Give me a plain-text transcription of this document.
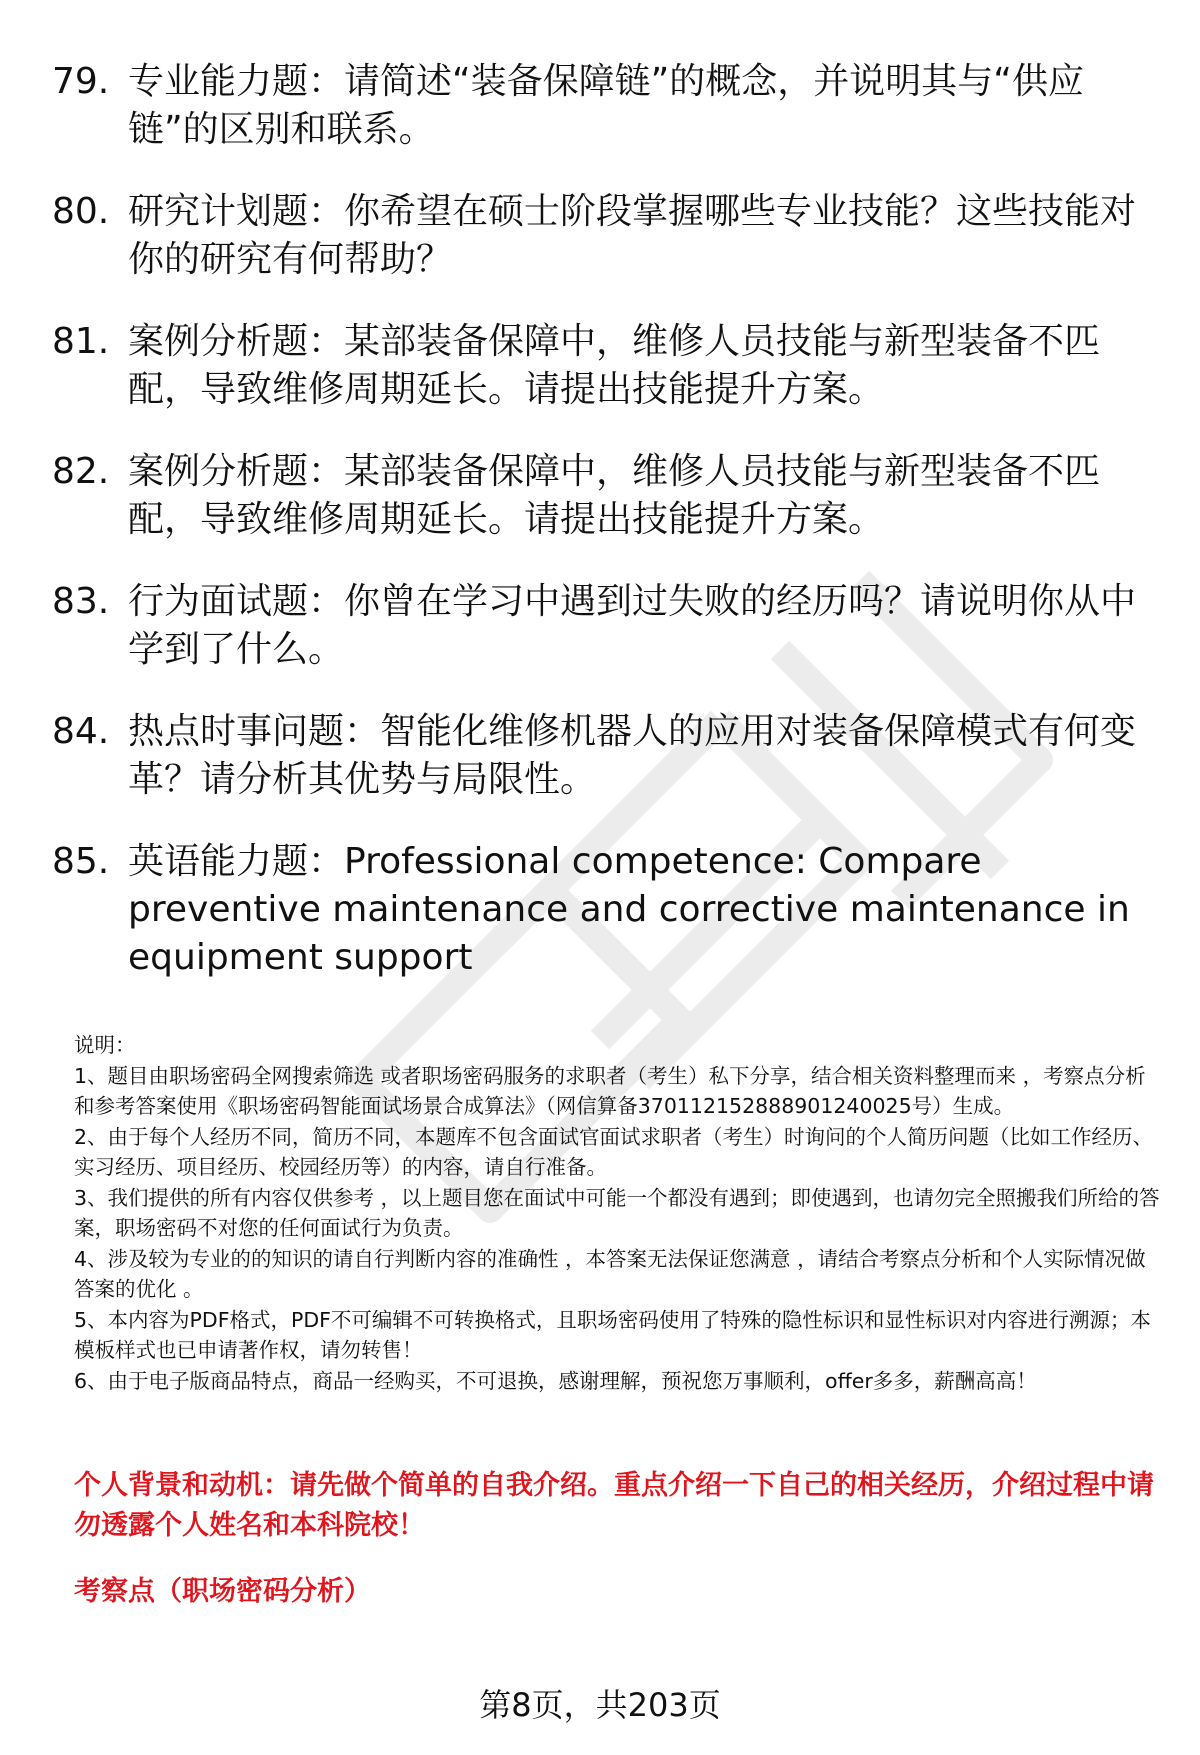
79. 专业能力题：请简述“装备保障链”的概念，并说明其与“供应链”的区别和联系。
80. 研究计划题：你希望在硕士阶段掌握哪些专业技能？这些技能对你的研究有何帮助？
81. 案例分析题：某部装备保障中，维修人员技能与新型装备不匹配，导致维修周期延长。请提出技能提升方案。
82. 案例分析题：某部装备保障中，维修人员技能与新型装备不匹配，导致维修周期延长。请提出技能提升方案。
83. 行为面试题：你曾在学习中遇到过失败的经历吗？请说明你从中学到了什么。
84. 热点时事问题：智能化维修机器人的应用对装备保障模式有何变革？请分析其优势与局限性。
85. 英语能力题：Professional competence: Compare preventive maintenance and corrective maintenance in equipment support

说明：

1、题目由职场密码全网搜索筛选 或者职场密码服务的求职者（考生）私下分享，结合相关资料整理而来 ，考察点分析和参考答案使用《职场密码智能面试场景合成算法》（网信算备370112152888901240025号）生成。

2、由于每个人经历不同，简历不同，本题库不包含面试官面试求职者（考生）时询问的个人简历问题（比如工作经历、实习经历、项目经历、校园经历等）的内容，请自行准备。

3、我们提供的所有内容仅供参考 ，以上题目您在面试中可能一个都没有遇到；即使遇到，也请勿完全照搬我们所给的答案，职场密码不对您的任何面试行为负责。

4、涉及较为专业的的知识的请自行判断内容的准确性 ，本答案无法保证您满意 ，请结合考察点分析和个人实际情况做答案的优化 。

5、本内容为PDF格式，PDF不可编辑不可转换格式，且职场密码使用了特殊的隐性标识和显性标识对内容进行溯源；本模板样式也已申请著作权，请勿转售！

6、由于电子版商品特点，商品一经购买，不可退换，感谢理解，预祝您万事顺利，offer多多，薪酬高高！

个人背景和动机：请先做个简单的自我介绍。重点介绍一下自己的相关经历，介绍过程中请勿透露个人姓名和本科院校！
考察点（职场密码分析）
第8页，共203页
